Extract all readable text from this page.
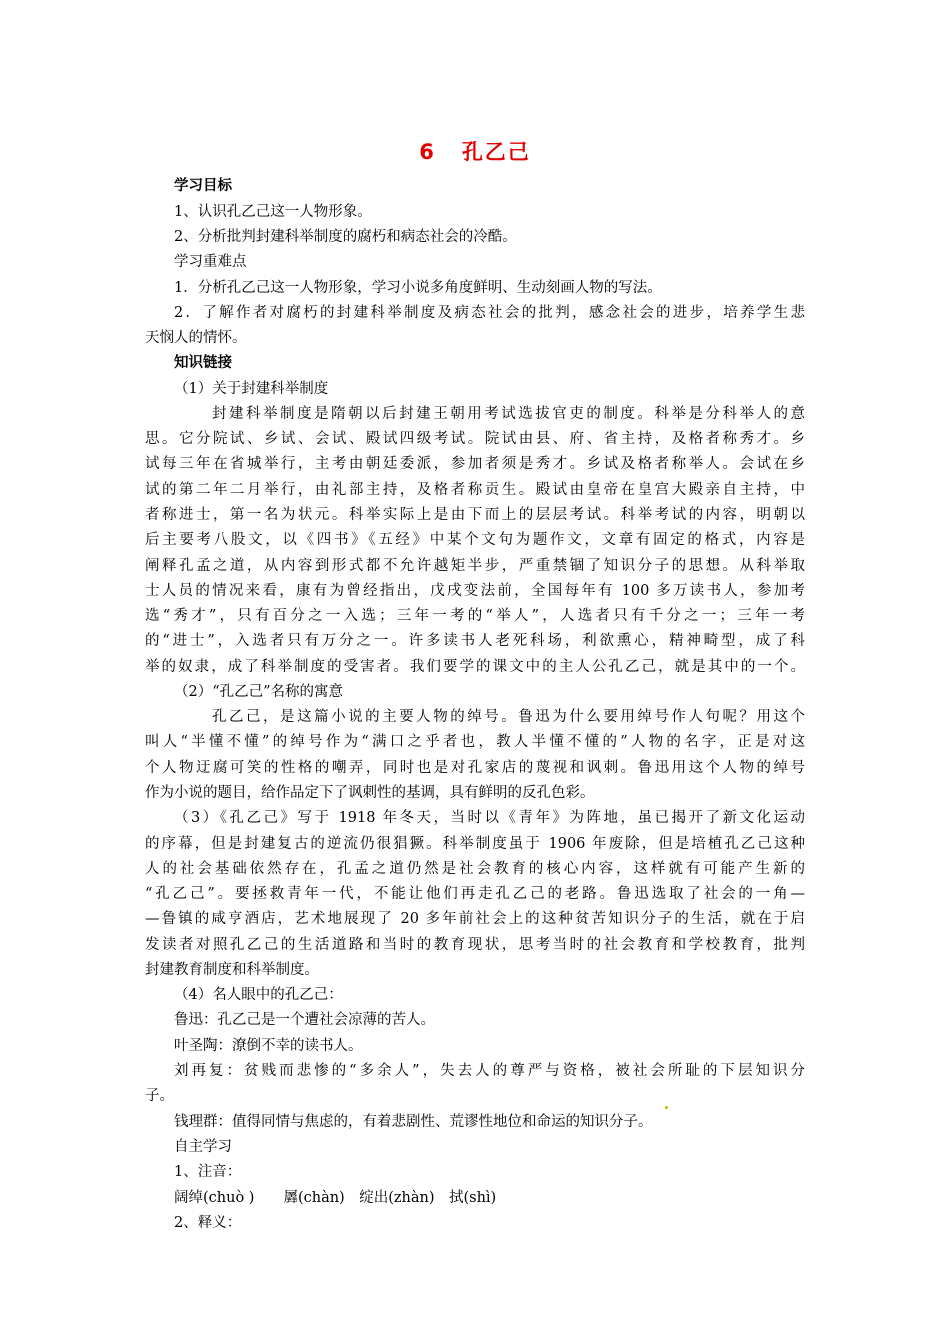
6 孔乙己
学习目标
1、认识孔乙己这一人物形象。
2、分析批判封建科举制度的腐朽和病态社会的冷酷。
学习重难点
1．分析孔乙己这一人物形象，学习小说多角度鲜明、生动刻画人物的写法。
2．了解作者对腐朽的封建科举制度及病态社会的批判，感念社会的进步，培养学生悲
天悯人的情怀。
知识链接
（1）关于封建科举制度
封建科举制度是隋朝以后封建王朝用考试选拔官吏的制度。科举是分科举人的意
思。它分院试、乡试、会试、殿试四级考试。院试由县、府、省主持，及格者称秀才。乡
试每三年在省城举行，主考由朝廷委派，参加者须是秀才。乡试及格者称举人。会试在乡
试的第二年二月举行，由礼部主持，及格者称贡生。殿试由皇帝在皇宫大殿亲自主持，中
者称进士，第一名为状元。科举实际上是由下而上的层层考试。科举考试的内容，明朝以
后主要考八股文，以《四书》《五经》中某个文句为题作文，文章有固定的格式，内容是
阐释孔孟之道，从内容到形式都不允许越矩半步，严重禁锢了知识分子的思想。从科举取
士人员的情况来看，康有为曾经指出，戊戌变法前，全国每年有 100 多万读书人，参加考
选“秀才”，只有百分之一入选；三年一考的“举人”，人选者只有千分之一；三年一考
的“进士”，入选者只有万分之一。许多读书人老死科场，利欲熏心，精神畸型，成了科
举的奴隶，成了科举制度的受害者。我们要学的课文中的主人公孔乙己，就是其中的一个。
（2）“孔乙己”名称的寓意
孔乙己，是这篇小说的主要人物的绰号。鲁迅为什么要用绰号作人句呢？用这个
叫人“半懂不懂”的绰号作为“满口之乎者也，教人半懂不懂的”人物的名字，正是对这
个人物迂腐可笑的性格的嘲弄，同时也是对孔家店的蔑视和讽刺。鲁迅用这个人物的绰号
作为小说的题目，给作品定下了讽刺性的基调，具有鲜明的反孔色彩。
（3）《孔乙己》写于 1918 年冬天，当时以《青年》为阵地，虽已揭开了新文化运动
的序幕，但是封建复古的逆流仍很猖獗。科举制度虽于 1906 年废除，但是培植孔乙己这种
人的社会基础依然存在，孔孟之道仍然是社会教育的核心内容，这样就有可能产生新的
“孔乙己”。要拯救青年一代，不能让他们再走孔乙己的老路。鲁迅选取了社会的一角—
—鲁镇的咸亨酒店，艺术地展现了 20 多年前社会上的这种贫苦知识分子的生活，就在于启
发读者对照孔乙己的生活道路和当时的教育现状，思考当时的社会教育和学校教育，批判
封建教育制度和科举制度。
（4）名人眼中的孔乙己：
鲁迅：孔乙己是一个遭社会凉薄的苦人。
叶圣陶：潦倒不幸的读书人。
刘再复：贫贱而悲惨的“多余人”，失去人的尊严与资格，被社会所耻的下层知识分
子。
钱理群：值得同情与焦虑的，有着悲剧性、荒谬性地位和命运的知识分子。
自主学习
1、注音：
阔绰(chuò )　　羼(chàn)　绽出(zhàn)　拭(shì)
2、释义：
